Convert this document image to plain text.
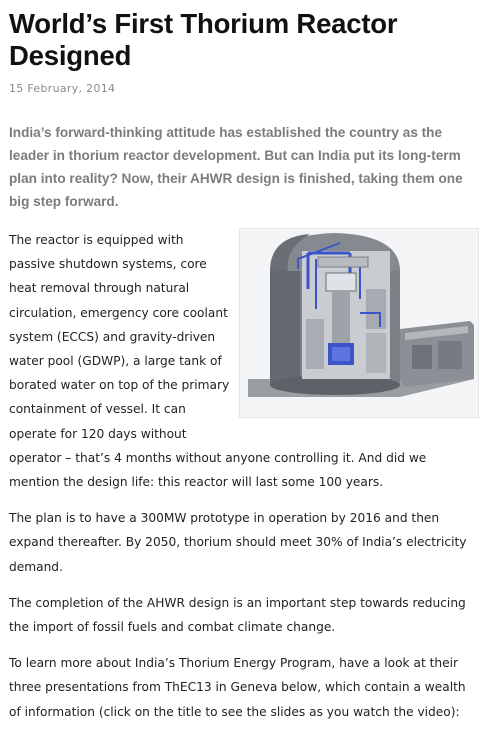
World’s First Thorium Reactor Designed
15 February, 2014

India’s forward-thinking attitude has established the country as the leader in thorium reactor development. But can India put its long-term plan into reality? Now, their AHWR design is finished, taking them one big step forward.

The reactor is equipped with passive shutdown systems, core heat removal through natural circulation, emergency core coolant system (ECCS) and gravity-driven water pool (GDWP), a large tank of borated water on top of the primary containment of vessel. It can operate for 120 days without operator – that’s 4 months without anyone controlling it. And did we mention the design life: this reactor will last some 100 years.

The plan is to have a 300MW prototype in operation by 2016 and then expand thereafter. By 2050, thorium should meet 30% of India’s electricity demand.

The completion of the AHWR design is an important step towards reducing the import of fossil fuels and combat climate change.

To learn more about India’s Thorium Energy Program, have a look at their three presentations from ThEC13 in Geneva below, which contain a wealth of information (click on the title to see the slides as you watch the video):
